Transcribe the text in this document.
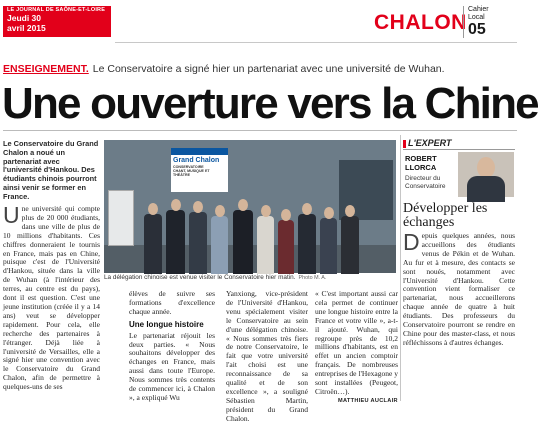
LE JOURNAL DE SAÔNE-ET-LOIRE
Jeudi 30
avril 2015	CHALON
Cahier
Local
05
ENSEIGNEMENT. Le Conservatoire a signé hier un partenariat avec une université de Wuhan.
Une ouverture vers la Chine
Le Conservatoire du Grand Chalon a noué un partenariat avec l'université d'Hankou. Des étudiants chinois pourront ainsi venir se former en France.
Une université qui compte plus de 20 000 étudiants, dans une ville de plus de 10 millions d'habitants. Ces chiffres donneraient le tournis en France, mais pas en Chine, puisque c'est de l'Université d'Hankou, située dans la ville de Wuhan (à l'intérieur des terres, au centre est du pays), dont il est question. C'est une jeune institution (créée il y a 14 ans) veut se développer rapidement. Pour cela, elle recherche des partenaires à l'étranger. Déjà liée à l'université de Versailles, elle a signé hier une convention avec le Conservatoire du Grand Chalon, afin de permettre à quelques-uns de ses
Grand Chalon
CONSERVATOIRE
CHANT, MUSIQUE ET THÉÂTRE
La délégation chinoise est venue visiter le Conservatoire hier matin. Photo M. A.
élèves de suivre ses formations d'excellence chaque année.
Une longue histoire
Le partenariat réjouit les deux parties. « Nous souhaitons développer des échanges en France, mais aussi dans toute l'Europe. Nous sommes très contents de commencer ici, à Chalon », a expliqué Wu
Yanxiong, vice-président de l'Université d'Hankou, venu spécialement visiter le Conservatoire au sein d'une délégation chinoise. « Nous sommes très fiers de notre Conservatoire, le fait que votre université l'ait choisi est une reconnaissance de sa qualité et de son excellence », a souligné Sébastien Martin, président du Grand Chalon.
« C'est important aussi car cela permet de continuer une longue histoire entre la France et votre ville », a-t-il ajouté. Wuhan, qui regroupe près de 10,2 millions d'habitants, est en effet un ancien comptoir français. De nombreuses entreprises de l'Hexagone y sont installées (Peugeot, Citroën…).
MATTHIEU AUCLAIR
L'EXPERT
ROBERT
LLORCA
Directeur du Conservatoire
Développer les échanges
Depuis quelques années, nous accueillons des étudiants venus de Pékin et de Wuhan. Au fur et à mesure, des contacts se sont noués, notamment avec l'Université d'Hankou. Cette convention vient formaliser ce partenariat, nous accueillerons chaque année de quatre à huit étudiants. Des professeurs du Conservatoire pourront se rendre en Chine pour des master-class, et nous réfléchissons à d'autres échanges.
